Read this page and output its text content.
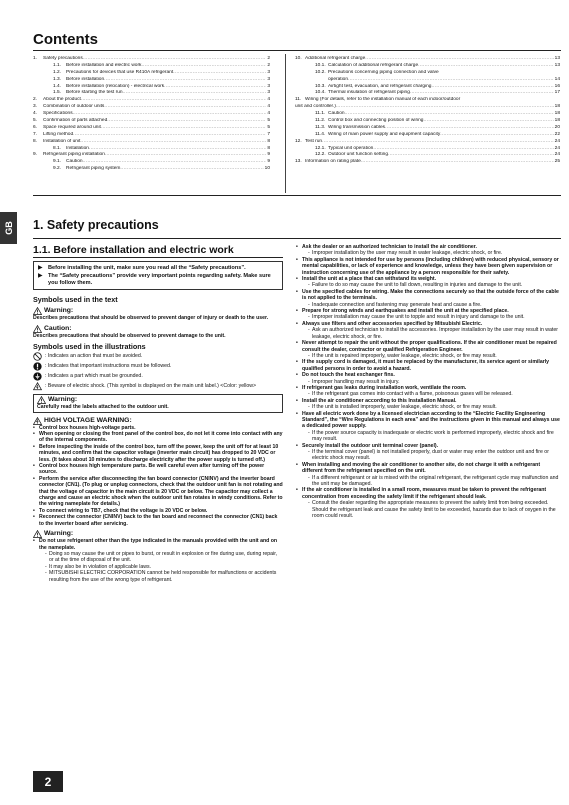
Contents
1. Safety precautions .....	2
1.1. Before installation and electric work .....	2
1.2. Precautions for devices that use R410A refrigerant .....	3
1.3. Before installation .....	3
1.4. Before installation (relocation) - electrical work .....	3
1.5. Before starting the test run .....	3
2. About the product .....	4
3. Combination of outdoor units .....	4
4. Specifications .....	4
5. Confirmation of parts attached .....	5
6. Space required around unit .....	5
7. Lifting method .....	7
8. Installation of unit .....	8
8.1. Installation .....	8
9. Refrigerant piping installation .....	9
9.1. Caution .....	9
9.2. Refrigerant piping system .....	10
10. Additional refrigerant charge .....	13
10.1. Calculation of additional refrigerant charge .....	13
10.2. Precautions concerning piping connection and valve
operation .....	14
10.3. Airtight test, evacuation, and refrigerant charging .....	16
10.4. Thermal insulation of refrigerant piping .....	17
11. Wiring (For details, refer to the installation manual of each indoor/outdoor
unit and controller.) .....	18
11.1. Caution .....	18
11.2. Control box and connecting position of wiring .....	18
11.3. Wiring transmission cables .....	20
11.4. Wiring of main power supply and equipment capacity .....	22
12. Test run .....	24
12.1. Typical unit operation .....	24
12.2. Outdoor unit function setting .....	24
13. Information on rating plate .....	25
GB 1. Safety precautions
1.1. Before installation and electric work
▶ Before installing the unit, make sure you read all the “Safety precautions”.
▶ The “Safety precautions” provide very important points regarding safety. Make sure you follow them.
Symbols used in the text
Warning:
Describes precautions that should be observed to prevent danger of injury or death to the user.
Caution:
Describes precautions that should be observed to prevent damage to the unit.
Symbols used in the illustrations
: Indicates an action that must be avoided.
: Indicates that important instructions must be followed.
: Indicates a part which must be grounded.
: Beware of electric shock. (This symbol is displayed on the main unit label.) <Color: yellow>
Warning:
Carefully read the labels attached to the outdoor unit.
HIGH VOLTAGE WARNING:
• Control box houses high-voltage parts.
• When opening or closing the front panel of the control box, do not let it come into contact with any of the internal components.
• Before inspecting the inside of the control box, turn off the power, keep the unit off for at least 10 minutes, and confirm that the capacitor voltage (inverter main circuit) has dropped to 20 VDC or less. (It takes about 10 minutes to discharge electricity after the power supply is turned off.)
• Control box houses high temperature parts. Be well careful even after turning off the power source.
• Perform the service after disconnecting the fan board connector (CNINV) and the inverter board connector (CN1). (To plug or unplug connectors, check that the outdoor unit fan is not rotating and that the voltage of capacitor in the main circuit is 20 VDC or below. The capacitor may collect a charge and cause an electric shock when the outdoor unit fan rotates in windy conditions. Refer to the wiring nameplate for details.)
• To connect wiring to TB7, check that the voltage is 20 VDC or below.
• Reconnect the connector (CNINV) back to the fan board and reconnect the connector (CN1) back to the inverter board after servicing.
Warning:
• Do not use refrigerant other than the type indicated in the manuals provided with the unit and on the nameplate.
- Doing so may cause the unit or pipes to burst, or result in explosion or fire during use, during repair, or at the time of disposal of the unit.
- It may also be in violation of applicable laws.
- MITSUBISHI ELECTRIC CORPORATION cannot be held responsible for malfunctions or accidents resulting from the use of the wrong type of refrigerant.
• Ask the dealer or an authorized technician to install the air conditioner.
- Improper installation by the user may result in water leakage, electric shock, or fire.
• This appliance is not intended for use by persons (including children) with reduced physical, sensory or mental capabilities, or lack of experience and knowledge, unless they have been given supervision or instruction concerning use of the appliance by a person responsible for their safety.
• Install the unit at a place that can withstand its weight.
- Failure to do so may cause the unit to fall down, resulting in injuries and damage to the unit.
• Use the specified cables for wiring. Make the connections securely so that the outside force of the cable is not applied to the terminals.
- Inadequate connection and fastening may generate heat and cause a fire.
• Prepare for strong winds and earthquakes and install the unit at the specified place.
- Improper installation may cause the unit to topple and result in injury and damage to the unit.
• Always use filters and other accessories specified by Mitsubishi Electric.
- Ask an authorized technician to install the accessories. Improper installation by the user may result in water leakage, electric shock, or fire.
• Never attempt to repair the unit without the proper qualifications. If the air conditioner must be repaired consult the dealer, contractor or qualified Refrigeration Engineer.
- If the unit is repaired improperly, water leakage, electric shock, or fire may result.
• If the supply cord is damaged, it must be replaced by the manufacturer, its service agent or similarly qualified persons in order to avoid a hazard.
• Do not touch the heat exchanger fins.
- Improper handling may result in injury.
• If refrigerant gas leaks during installation work, ventilate the room.
- If the refrigerant gas comes into contact with a flame, poisonous gases will be released.
• Install the air conditioner according to this Installation Manual.
- If the unit is installed improperly, water leakage, electric shock, or fire may result.
• Have all electric work done by a licensed electrician according to the “Electric Facility Engineering Standard”, the “Wire Regulations in each area” and the instructions given in this manual and always use a dedicated power supply.
- If the power source capacity is inadequate or electric work is performed improperly, electric shock and fire may result.
• Securely install the outdoor unit terminal cover (panel).
- If the terminal cover (panel) is not installed properly, dust or water may enter the outdoor unit and fire or electric shock may result.
• When installing and moving the air conditioner to another site, do not charge it with a refrigerant different from the refrigerant specified on the unit.
- If a different refrigerant or air is mixed with the original refrigerant, the refrigerant cycle may malfunction and the unit may be damaged.
• If the air conditioner is installed in a small room, measures must be taken to prevent the refrigerant concentration from exceeding the safety limit if the refrigerant should leak.
- Consult the dealer regarding the appropriate measures to prevent the safety limit from being exceeded. Should the refrigerant leak and cause the safety limit to be exceeded, hazards due to lack of oxygen in the room could result.
2
